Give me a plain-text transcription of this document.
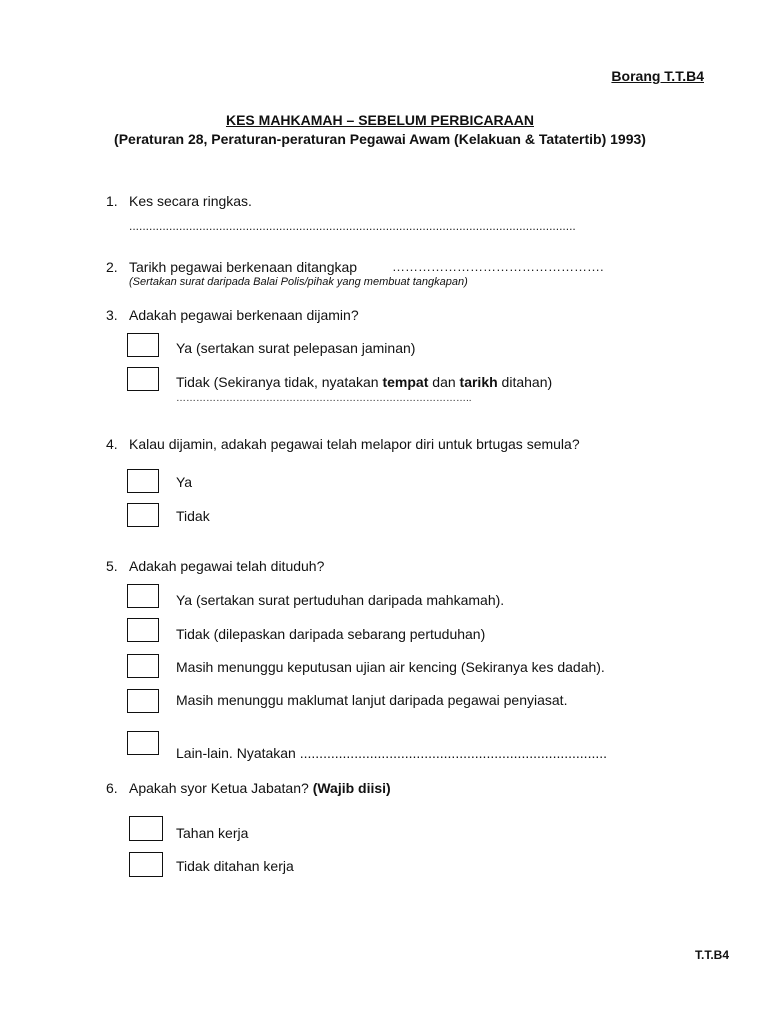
Borang T.T.B4
KES MAHKAMAH – SEBELUM PERBICARAAN
(Peraturan 28, Peraturan-peraturan Pegawai Awam (Kelakuan & Tatatertib) 1993)
1. Kes secara ringkas.
......................................................................................................................................
2. Tarikh pegawai berkenaan ditangkap	………………………………………….
(Sertakan surat daripada Balai Polis/pihak yang membuat tangkapan)
3. Adakah pegawai berkenaan dijamin?
Ya (sertakan surat pelepasan jaminan)
Tidak (Sekiranya tidak, nyatakan tempat dan tarikh ditahan)
……………………………………………………………………………..
4. Kalau dijamin, adakah pegawai telah melapor diri untuk brtugas semula?
Ya
Tidak
5. Adakah pegawai telah dituduh?
Ya (sertakan surat pertuduhan daripada mahkamah).
Tidak (dilepaskan daripada sebarang pertuduhan)
Masih menunggu keputusan ujian air kencing (Sekiranya kes dadah).
Masih menunggu maklumat lanjut daripada pegawai penyiasat.
Lain-lain. Nyatakan ...............................................................................
6. Apakah syor Ketua Jabatan? (Wajib diisi)
Tahan kerja
Tidak ditahan kerja
T.T.B4
